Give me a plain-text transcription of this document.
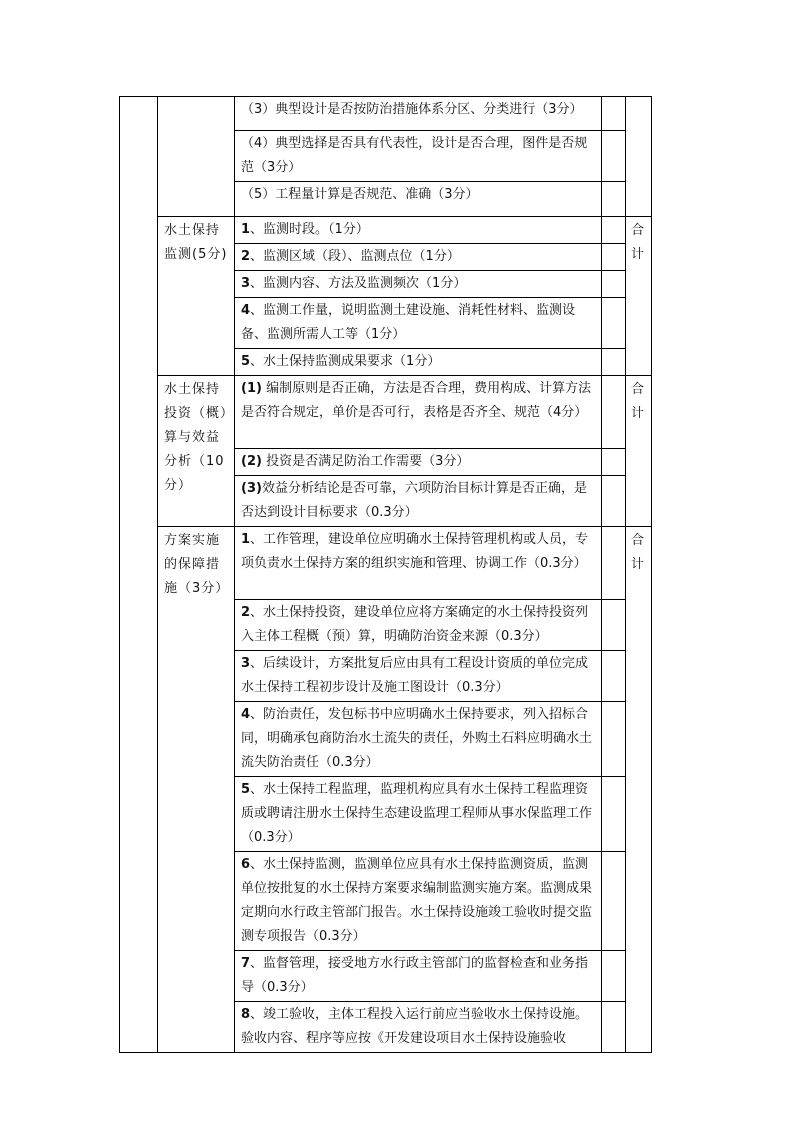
		（3）典型设计是否按防治措施体系分区、分类进行（3分）		
		（4）典型选择是否具有代表性，设计是否合理，图件是否规范（3分）		
		（5）工程量计算是否规范、准确（3分）		
	水土保持监测(5分)	1、监测时段。（1分）		合计
		2、监测区域（段）、监测点位（1分）		
		3、监测内容、方法及监测频次（1分）		
		4、监测工作量，说明监测土建设施、消耗性材料、监测设备、监测所需人工等（1分）		
		5、水土保持监测成果要求（1分）		
	水土保持投资（概）算与效益分析（10分）	(1) 编制原则是否正确，方法是否合理，费用构成、计算方法是否符合规定，单价是否可行，表格是否齐全、规范（4分）		合计
		(2) 投资是否满足防治工作需要（3分）		
		(3)效益分析结论是否可靠，六项防治目标计算是否正确，是否达到设计目标要求（0.3分）		
	方案实施的保障措施（3分）	1、工作管理，建设单位应明确水土保持管理机构或人员，专项负责水土保持方案的组织实施和管理、协调工作（0.3分）		合计
		2、水土保持投资，建设单位应将方案确定的水土保持投资列入主体工程概（预）算，明确防治资金来源（0.3分）		
		3、后续设计，方案批复后应由具有工程设计资质的单位完成水土保持工程初步设计及施工图设计（0.3分）		
		4、防治责任，发包标书中应明确水土保持要求，列入招标合同，明确承包商防治水土流失的责任，外购土石料应明确水土流失防治责任（0.3分）		
		5、水土保持工程监理，监理机构应具有水土保持工程监理资质或聘请注册水土保持生态建设监理工程师从事水保监理工作（0.3分）		
		6、水土保持监测，监测单位应具有水土保持监测资质，监测单位按批复的水土保持方案要求编制监测实施方案。监测成果定期向水行政主管部门报告。水土保持设施竣工验收时提交监测专项报告（0.3分）		
		7、监督管理，接受地方水行政主管部门的监督检查和业务指导（0.3分）		
		8、竣工验收，主体工程投入运行前应当验收水土保持设施。验收内容、程序等应按《开发建设项目水土保持设施验收		
